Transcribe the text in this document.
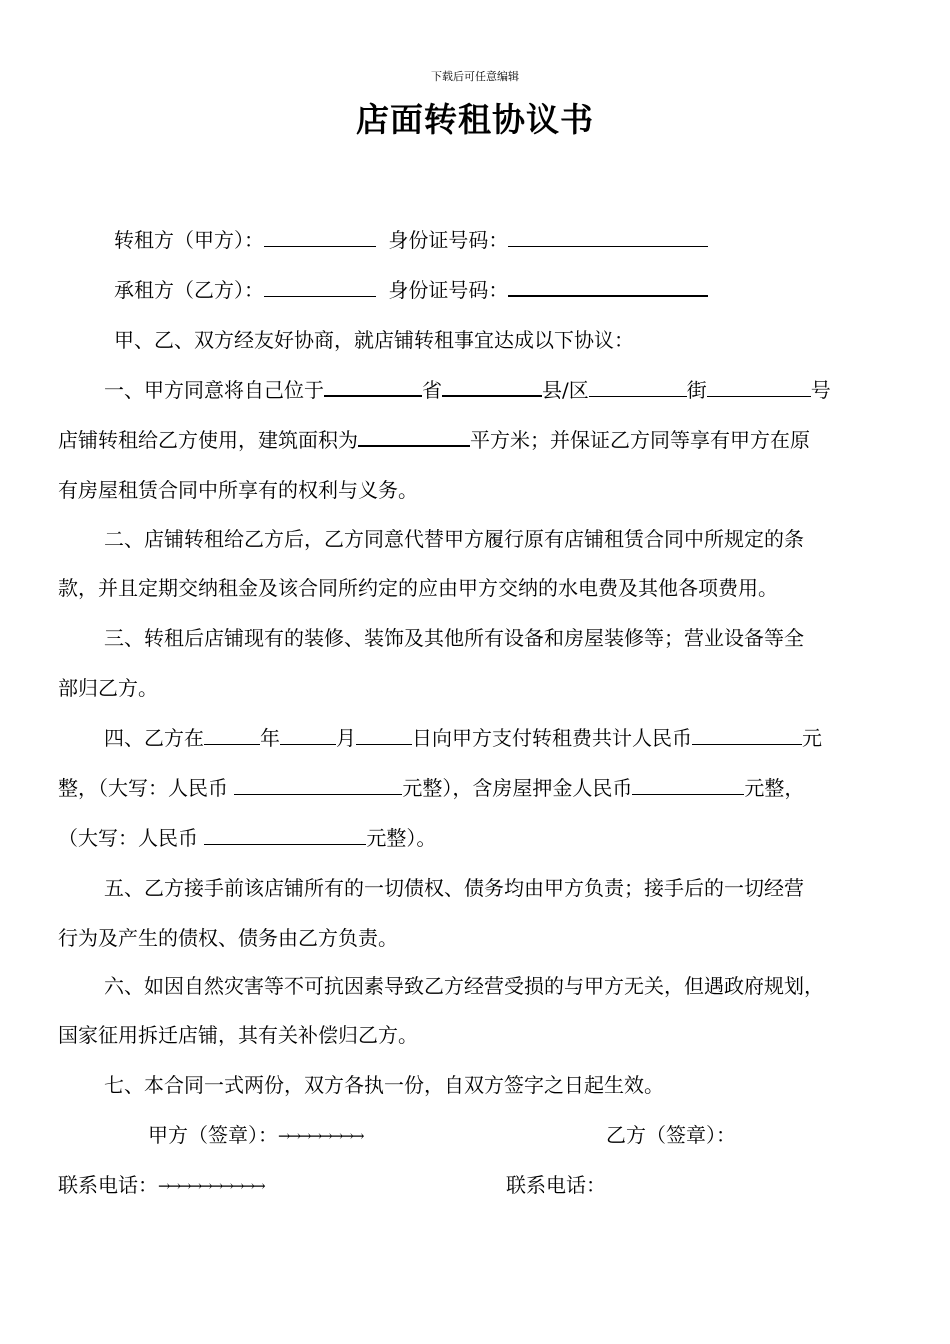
下载后可任意编辑
店面转租协议书
转租方（甲方）：	身份证号码：
承租方（乙方）：	身份证号码：
甲、乙、双方经友好协商，就店铺转租事宜达成以下协议：
一、甲方同意将自己位于	省	县/区	街	号
店铺转租给乙方使用，建筑面积为	平方米；并保证乙方同等享有甲方在原
有房屋租赁合同中所享有的权利与义务。
二、店铺转租给乙方后，乙方同意代替甲方履行原有店铺租赁合同中所规定的条
款，并且定期交纳租金及该合同所约定的应由甲方交纳的水电费及其他各项费用。
三、转租后店铺现有的装修、装饰及其他所有设备和房屋装修等；营业设备等全
部归乙方。
四、乙方在	年	月	日向甲方支付转租费共计人民币	元
整，（大写：人民币	元整），含房屋押金人民币	元整，
（大写：人民币	元整）。
五、乙方接手前该店铺所有的一切债权、债务均由甲方负责；接手后的一切经营
行为及产生的债权、债务由乙方负责。
六、如因自然灾害等不可抗因素导致乙方经营受损的与甲方无关，但遇政府规划，
国家征用拆迁店铺，其有关补偿归乙方。
七、本合同一式两份，双方各执一份，自双方签字之日起生效。
甲方（签章）：→→→→→→→→	乙方（签章）：
联系电话：→→→→→→→→→→	联系电话：
